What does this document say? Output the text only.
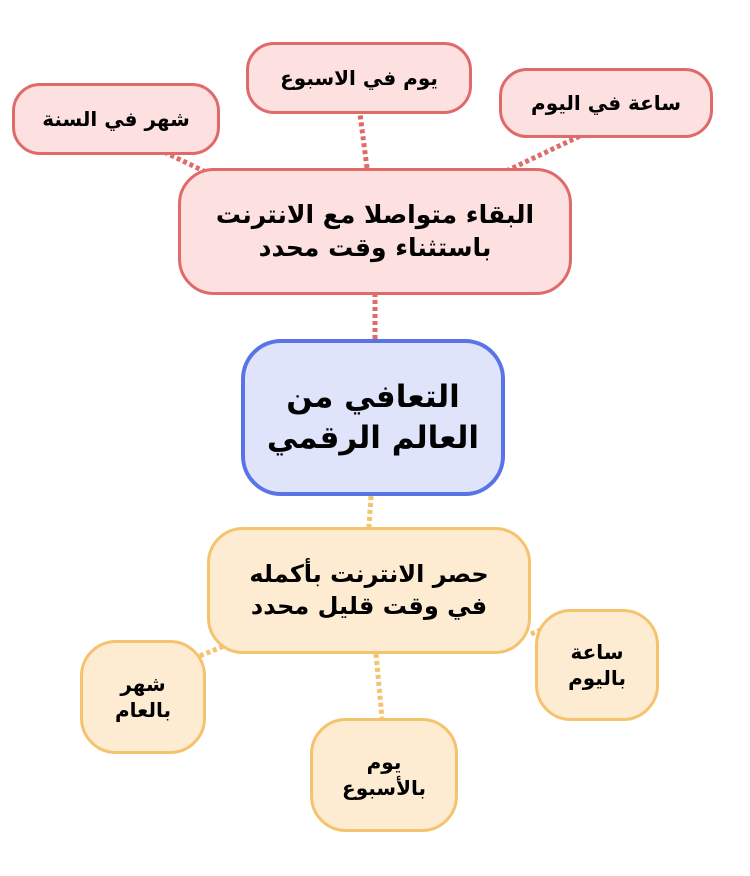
شهر في السنة
يوم في الاسبوع
ساعة في اليوم
البقاء متواصلا مع الانترنت
باستثناء وقت محدد
التعافي من
العالم الرقمي
حصر الانترنت بأكمله
في وقت قليل محدد
ساعة
باليوم
شهر
بالعام
يوم
بالأسبوع
